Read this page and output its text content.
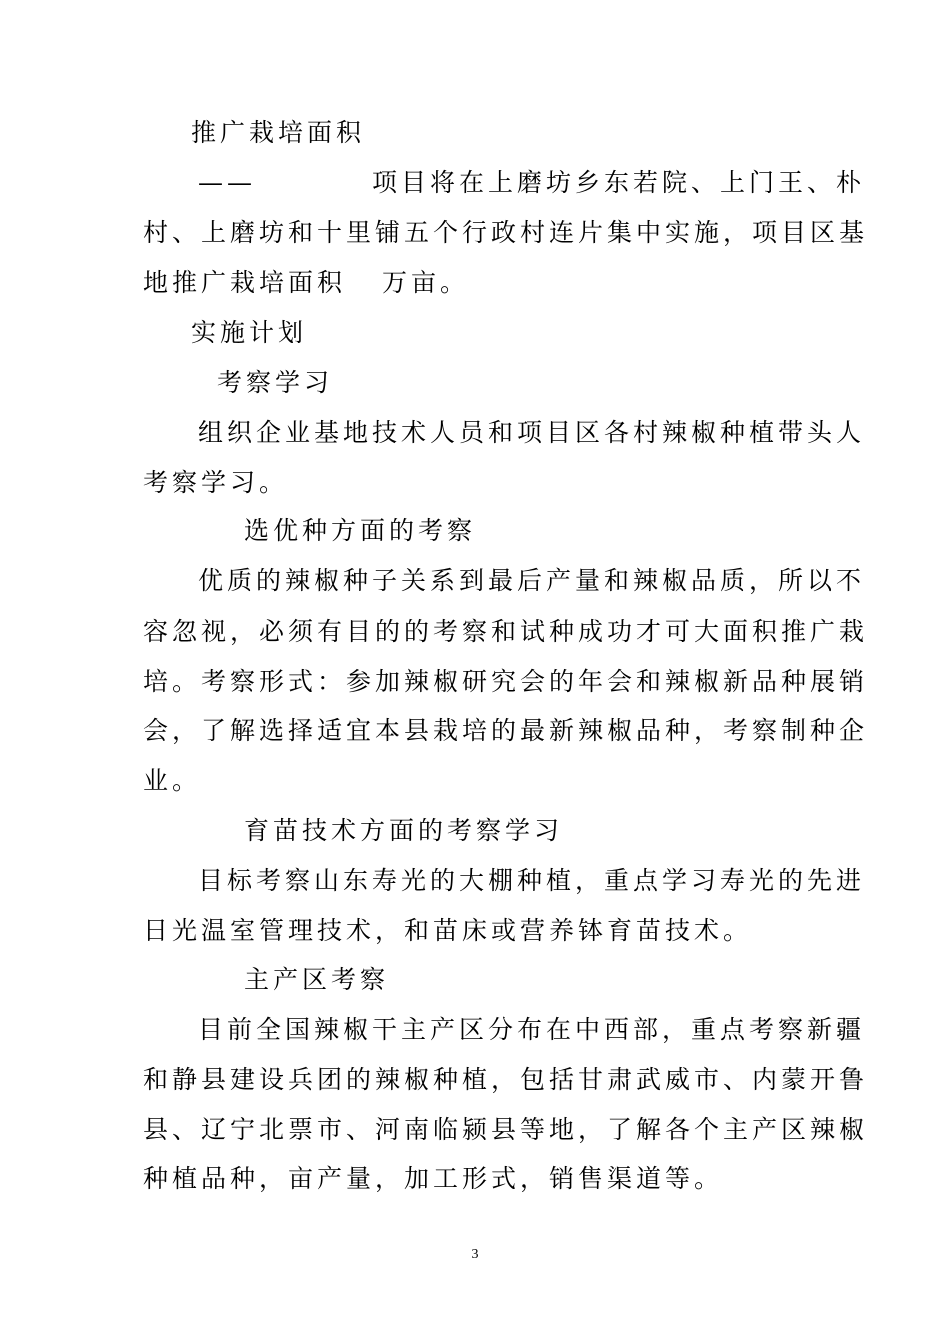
推广栽培面积
——	项目将在上磨坊乡东若院、上门王、朴
村、上磨坊和十里铺五个行政村连片集中实施，项目区基
地推广栽培面积 万亩。
实施计划
考察学习
组织企业基地技术人员和项目区各村辣椒种植带头人
考察学习。
选优种方面的考察
优质的辣椒种子关系到最后产量和辣椒品质，所以不
容忽视，必须有目的的考察和试种成功才可大面积推广栽
培。考察形式：参加辣椒研究会的年会和辣椒新品种展销
会，了解选择适宜本县栽培的最新辣椒品种，考察制种企
业。
育苗技术方面的考察学习
目标考察山东寿光的大棚种植，重点学习寿光的先进
日光温室管理技术，和苗床或营养钵育苗技术。
主产区考察
目前全国辣椒干主产区分布在中西部，重点考察新疆
和静县建设兵团的辣椒种植，包括甘肃武威市、内蒙开鲁
县、辽宁北票市、河南临颍县等地，了解各个主产区辣椒
种植品种，亩产量，加工形式，销售渠道等。
3
